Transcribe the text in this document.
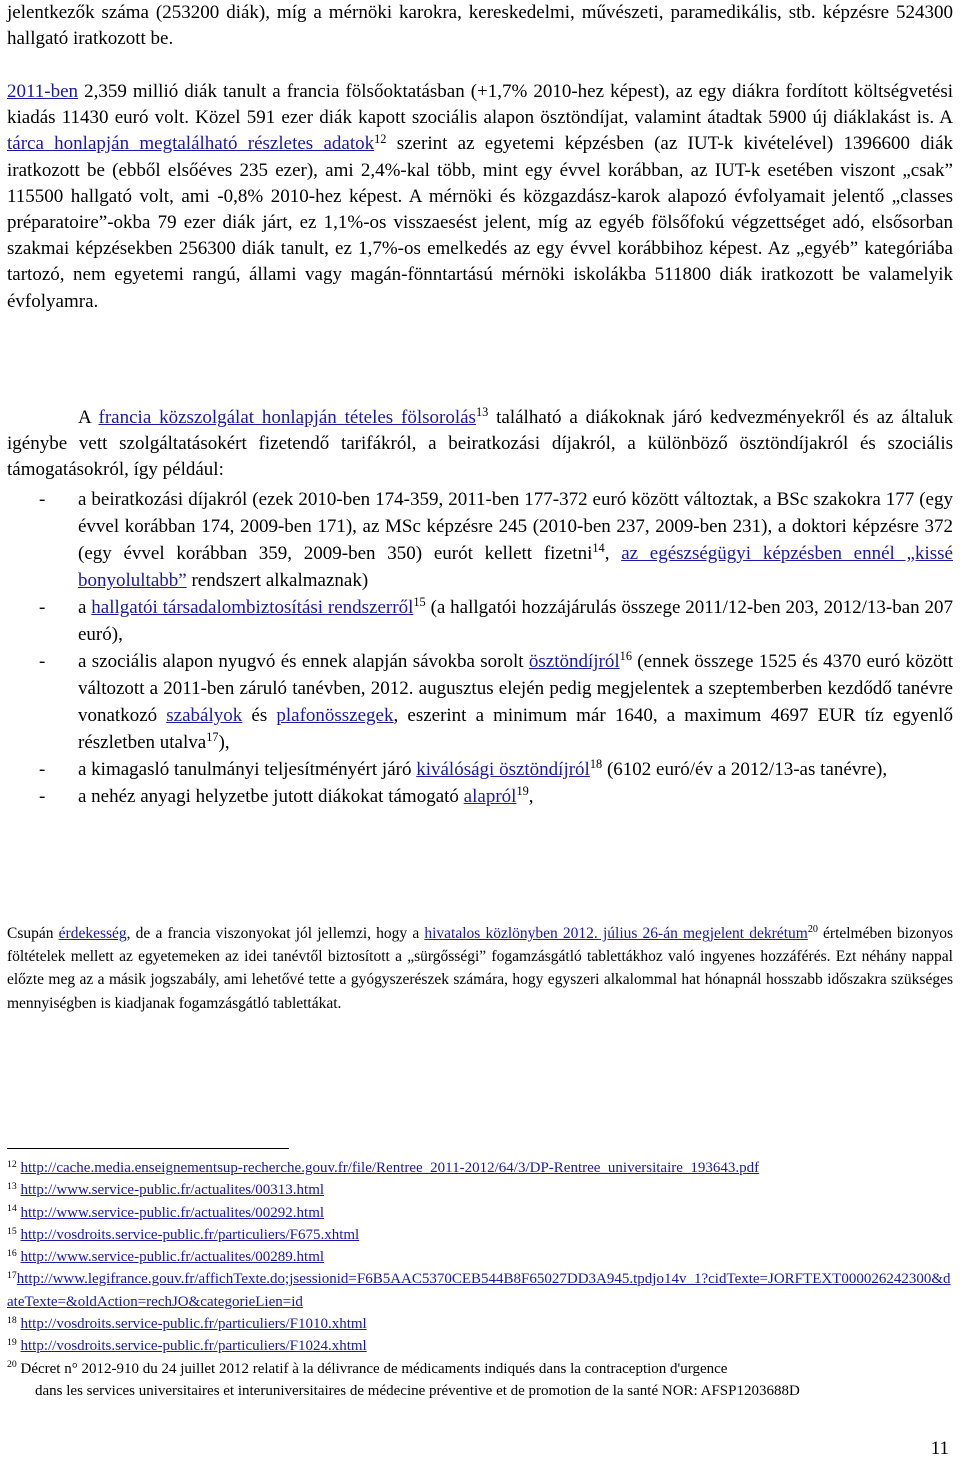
jelentkezők száma (253200 diák), míg a mérnöki karokra, kereskedelmi, művészeti, paramedikális, stb. képzésre 524300 hallgató iratkozott be.

2011-ben 2,359 millió diák tanult a francia fölsőoktatásban (+1,7% 2010-hez képest), az egy diákra fordított költségvetési kiadás 11430 euró volt. Közel 591 ezer diák kapott szociális alapon ösztöndíjat, valamint átadtak 5900 új diáklakást is. A tárca honlapján megtalálható részletes adatok$^{12}$ szerint az egyetemi képzésben (az IUT-k kivételével) 1396600 diák iratkozott be (ebből elsőéves 235 ezer), ami 2,4%-kal több, mint egy évvel korábban, az IUT-k esetében viszont „csak” 115500 hallgató volt, ami -0,8% 2010-hez képest. A mérnöki és közgazdász-karok alapozó évfolyamait jelentő „classes préparatoire”-okba 79 ezer diák járt, ez 1,1%-os visszaesést jelent, míg az egyéb fölsőfokú végzettséget adó, elsősorban szakmai képzésekben 256300 diák tanult, ez 1,7%-os emelkedés az egy évvel korábbihoz képest. Az „egyéb” kategóriába tartozó, nem egyetemi rangú, állami vagy magán-fönntartású mérnöki iskolákba 511800 diák iratkozott be valamelyik évfolyamra.

A francia közszolgálat honlapján tételes fölsorolás$^{13}$ található a diákoknak járó kedvezményekről és az általuk igénybe vett szolgáltatásokért fizetendő tarifákról, a beiratkozási díjakról, a különböző ösztöndíjakról és szociális támogatásokról, így például:

- a beiratkozási díjakról (ezek 2010-ben 174-359, 2011-ben 177-372 euró között változtak, a BSc szakokra 177 (egy évvel korábban 174, 2009-ben 171), az MSc képzésre 245 (2010-ben 237, 2009-ben 231), a doktori képzésre 372 (egy évvel korábban 359, 2009-ben 350) eurót kellett fizetni$^{14}$, az egészségügyi képzésben ennél „kissé bonyolultabb” rendszert alkalmaznak)
- a hallgatói társadalombiztosítási rendszerről$^{15}$ (a hallgatói hozzájárulás összege 2011/12-ben 203, 2012/13-ban 207 euró),
- a szociális alapon nyugvó és ennek alapján sávokba sorolt ösztöndíjról$^{16}$ (ennek összege 1525 és 4370 euró között változott a 2011-ben záruló tanévben, 2012. augusztus elején pedig megjelentek a szeptemberben kezdődő tanévre vonatkozó szabályok és plafonösszegek, eszerint a minimum már 1640, a maximum 4697 EUR tíz egyenlő részletben utalva$^{17}$),
- a kimagasló tanulmányi teljesítményért járó kiválósági ösztöndíjról$^{18}$ (6102 euró/év a 2012/13-as tanévre),
- a nehéz anyagi helyzetbe jutott diákokat támogató alapról$^{19}$,

Csupán érdekesség, de a francia viszonyokat jól jellemzi, hogy a hivatalos közlönyben 2012. július 26-án megjelent dekrétum$^{20}$ értelmében bizonyos föltételek mellett az egyetemeken az idei tanévtől biztosított a „sürgősségi” fogamzásgátló tablettákhoz való ingyenes hozzáférés. Ezt néhány nappal előzte meg az a másik jogszabály, ami lehetővé tette a gyógyszerészek számára, hogy egyszeri alkalommal hat hónapnál hosszabb időszakra szükséges mennyiségben is kiadjanak fogamzásgátló tablettákat.

$^{12}$ http://cache.media.enseignementsup-recherche.gouv.fr/file/Rentree_2011-2012/64/3/DP-Rentree_universitaire_193643.pdf

$^{13}$ http://www.service-public.fr/actualites/00313.html

$^{14}$ http://www.service-public.fr/actualites/00292.html

$^{15}$ http://vosdroits.service-public.fr/particuliers/F675.xhtml

$^{16}$ http://www.service-public.fr/actualites/00289.html

$^{17}$http://www.legifrance.gouv.fr/affichTexte.do;jsessionid=F6B5AAC5370CEB544B8F65027DD3A945.tpdjo14v_1?cidTexte=JORFTEXT000026242300&dateTexte=&oldAction=rechJO&categorieLien=id

$^{18}$ http://vosdroits.service-public.fr/particuliers/F1010.xhtml

$^{19}$ http://vosdroits.service-public.fr/particuliers/F1024.xhtml

$^{20}$ Décret n° 2012-910 du 24 juillet 2012 relatif à la délivrance de médicaments indiqués dans la contraception d'urgence
dans les services universitaires et interuniversitaires de médecine préventive et de promotion de la santé NOR: AFSP1203688D

11
